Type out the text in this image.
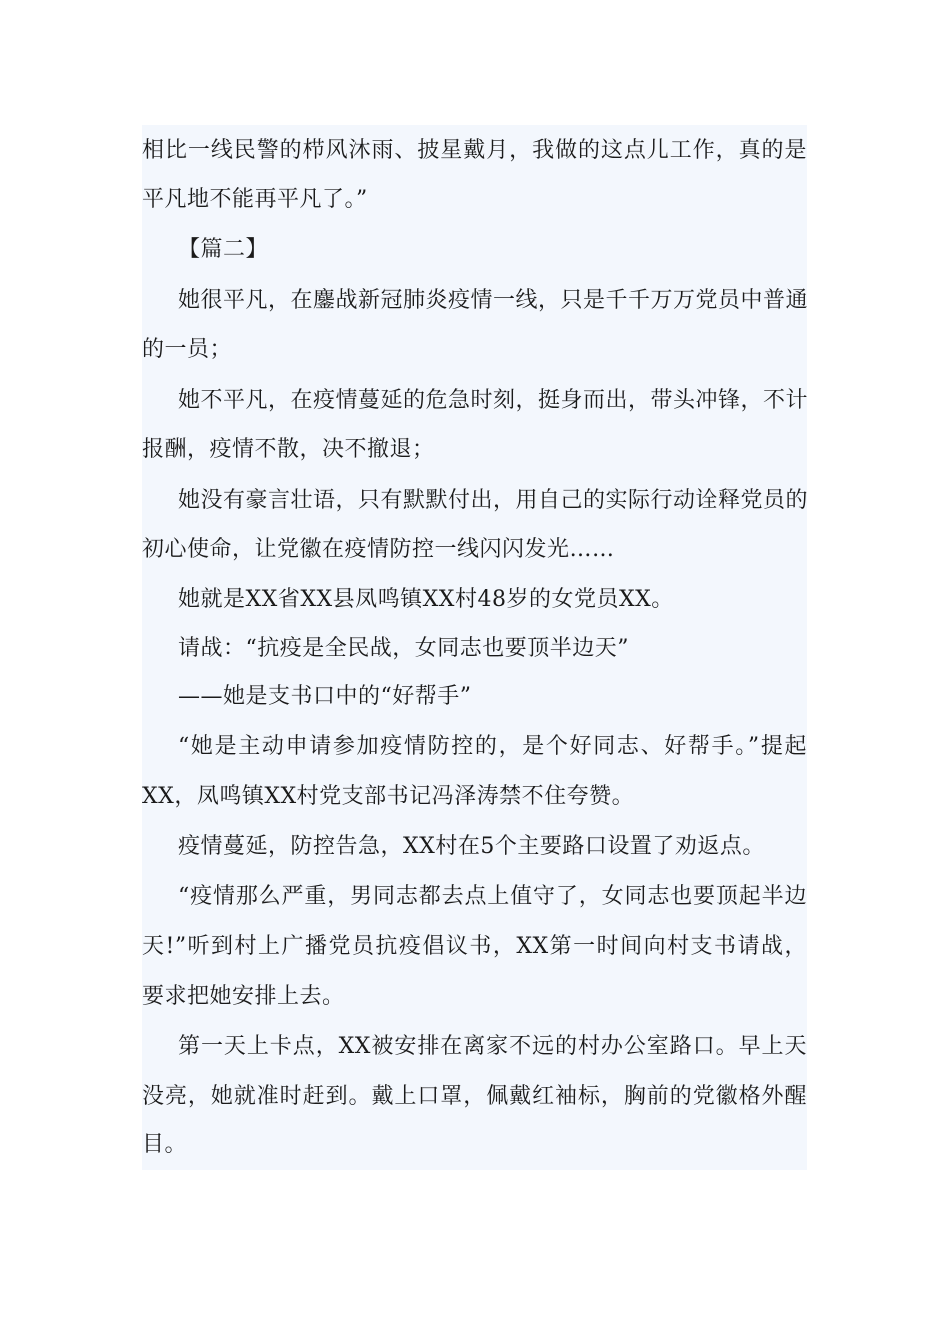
相比一线民警的栉风沐雨、披星戴月，我做的这点儿工作，真的是
平凡地不能再平凡了。”
【篇二】
她很平凡，在鏖战新冠肺炎疫情一线，只是千千万万党员中普通
的一员；
她不平凡，在疫情蔓延的危急时刻，挺身而出，带头冲锋，不计
报酬，疫情不散，决不撤退；
她没有豪言壮语，只有默默付出，用自己的实际行动诠释党员的
初心使命，让党徽在疫情防控一线闪闪发光……
她就是XX省XX县凤鸣镇XX村48岁的女党员XX。
请战：“抗疫是全民战，女同志也要顶半边天”
——她是支书口中的“好帮手”
“她是主动申请参加疫情防控的，是个好同志、好帮手。”提起
XX，凤鸣镇XX村党支部书记冯泽涛禁不住夸赞。
疫情蔓延，防控告急，XX村在5个主要路口设置了劝返点。
“疫情那么严重，男同志都去点上值守了，女同志也要顶起半边
天!”听到村上广播党员抗疫倡议书，XX第一时间向村支书请战，
要求把她安排上去。
第一天上卡点，XX被安排在离家不远的村办公室路口。早上天
没亮，她就准时赶到。戴上口罩，佩戴红袖标，胸前的党徽格外醒
目。
